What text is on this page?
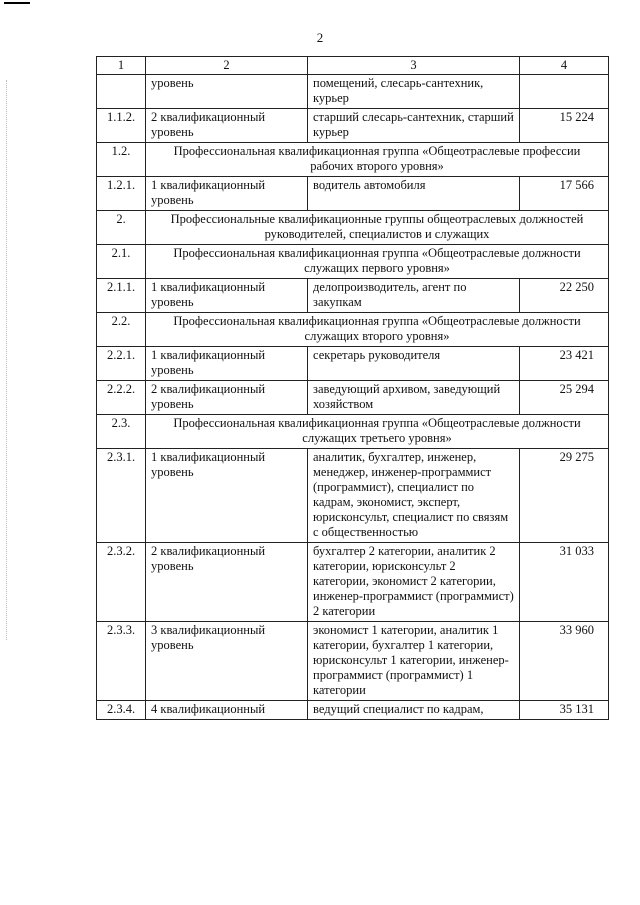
2
1	2	3	4
	уровень	помещений, слесарь-сантехник, курьер	
1.1.2.	2 квалификационный уровень	старший слесарь-сантехник, старший курьер	15 224
1.2.	Профессиональная квалификационная группа «Общеотраслевые профессии рабочих второго уровня»		
1.2.1.	1 квалификационный уровень	водитель автомобиля	17 566
2.	Профессиональные квалификационные группы общеотраслевых должностей руководителей, специалистов и служащих		
2.1.	Профессиональная квалификационная группа «Общеотраслевые должности служащих первого уровня»		
2.1.1.	1 квалификационный уровень	делопроизводитель, агент по закупкам	22 250
2.2.	Профессиональная квалификационная группа «Общеотраслевые должности служащих второго уровня»		
2.2.1.	1 квалификационный уровень	секретарь руководителя	23 421
2.2.2.	2 квалификационный уровень	заведующий архивом, заведующий хозяйством	25 294
2.3.	Профессиональная квалификационная группа «Общеотраслевые должности служащих третьего уровня»		
2.3.1.	1 квалификационный уровень	аналитик, бухгалтер, инженер, менеджер, инженер-программист (программист), специалист по кадрам, экономист, эксперт, юрисконсульт, специалист по связям с общественностью	29 275
2.3.2.	2 квалификационный уровень	бухгалтер 2 категории, аналитик 2 категории, юрисконсульт 2 категории, экономист 2 категории, инженер-программист (программист) 2 категории	31 033
2.3.3.	3 квалификационный уровень	экономист 1 категории, аналитик 1 категории, бухгалтер 1 категории, юрисконсульт 1 категории, инженер-программист (программист) 1 категории	33 960
2.3.4.	4 квалификационный	ведущий специалист по кадрам,	35 131
